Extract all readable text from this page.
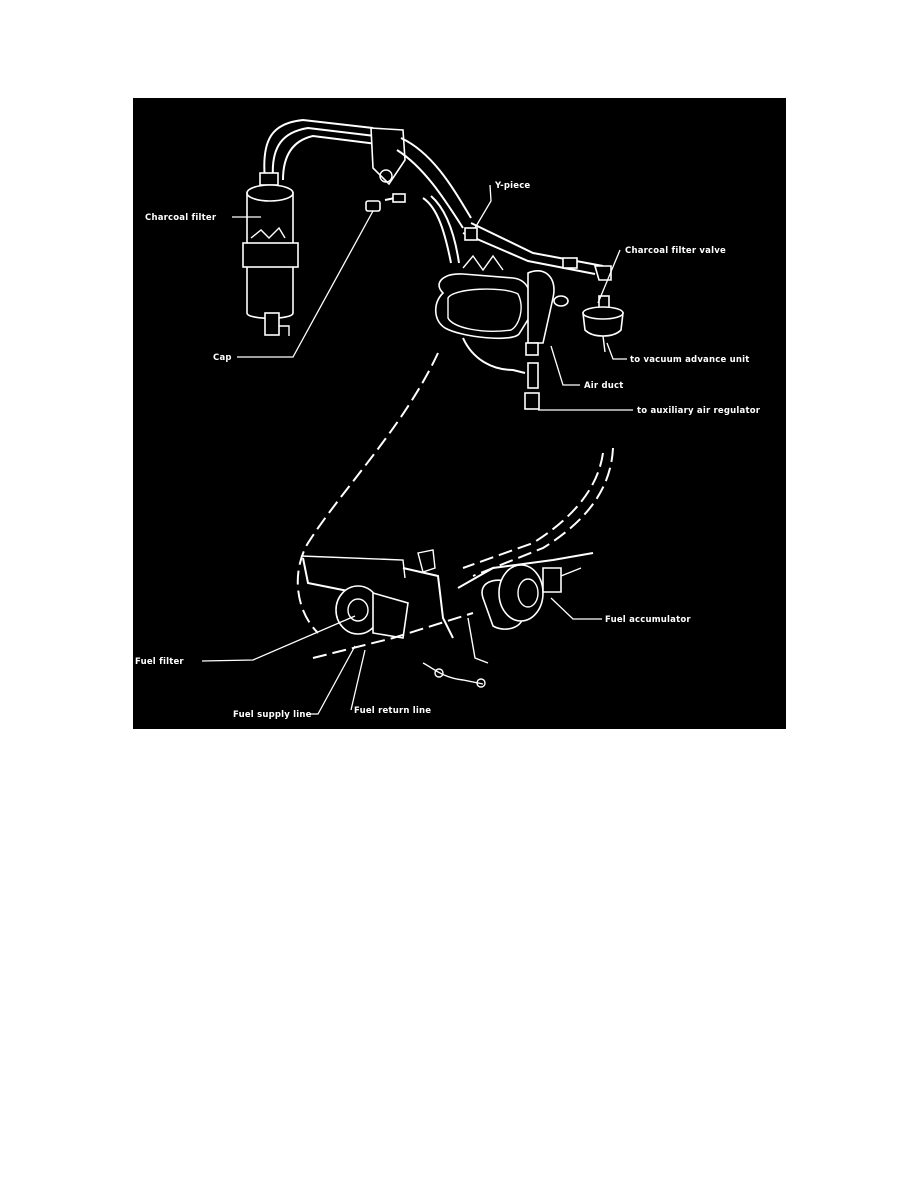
Charcoal filter
Y-piece
Charcoal filter valve
to vacuum advance unit
Cap
Air duct
to auxiliary air regulator
Fuel accumulator
Fuel filter
Fuel supply line	Fuel return line
